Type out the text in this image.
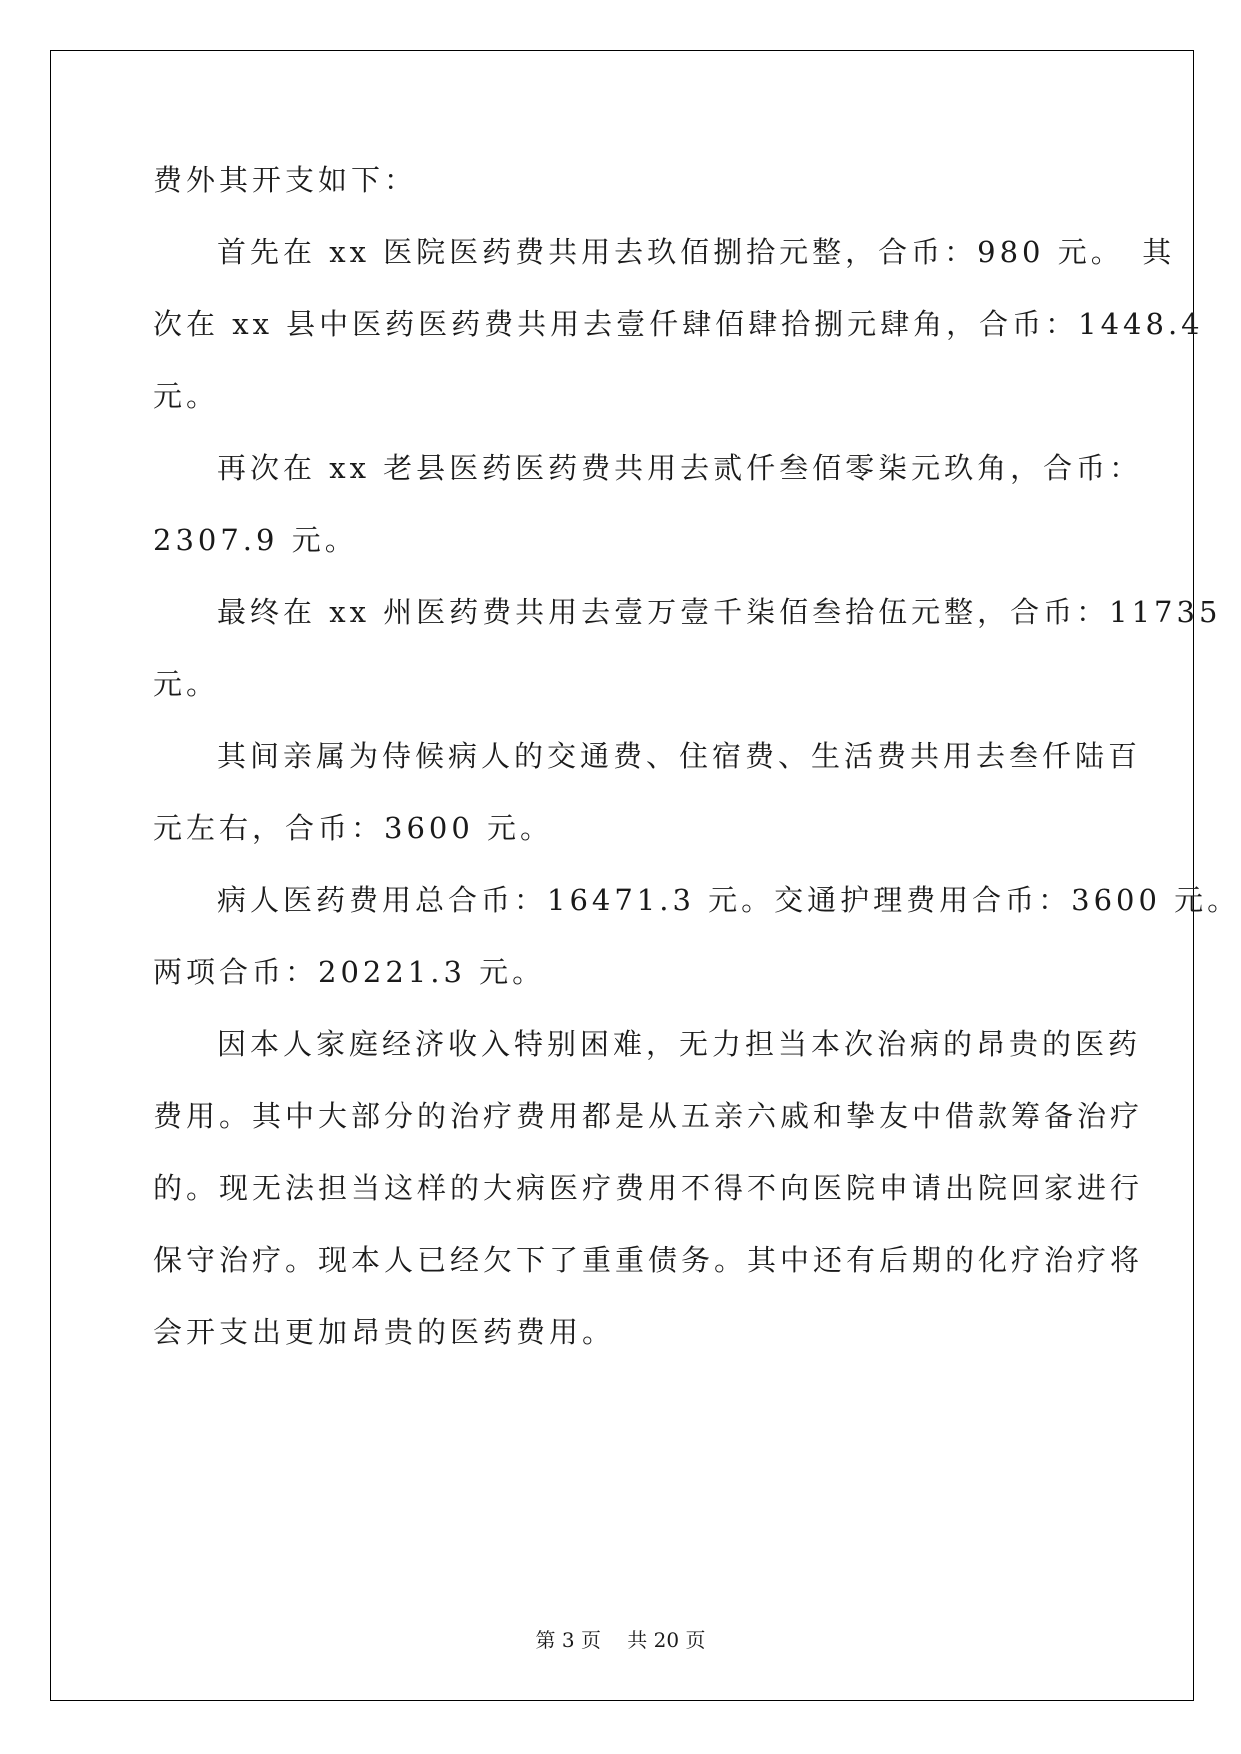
费外其开支如下：
首先在 xx 医院医药费共用去玖佰捌拾元整，合币：980 元。　其
次在 xx 县中医药医药费共用去壹仟肆佰肆拾捌元肆角，合币：1448.4
元。
再次在 xx 老县医药医药费共用去贰仟叁佰零柒元玖角，合币：
2307.9 元。
最终在 xx 州医药费共用去壹万壹千柒佰叁拾伍元整，合币：11735
元。
其间亲属为侍候病人的交通费、住宿费、生活费共用去叁仟陆百
元左右，合币：3600 元。
病人医药费用总合币：16471.3 元。交通护理费用合币：3600 元。
两项合币：20221.3 元。
因本人家庭经济收入特别困难，无力担当本次治病的昂贵的医药
费用。其中大部分的治疗费用都是从五亲六戚和挚友中借款筹备治疗
的。现无法担当这样的大病医疗费用不得不向医院申请出院回家进行
保守治疗。现本人已经欠下了重重债务。其中还有后期的化疗治疗将
会开支出更加昂贵的医药费用。
第 3 页　 共 20 页
